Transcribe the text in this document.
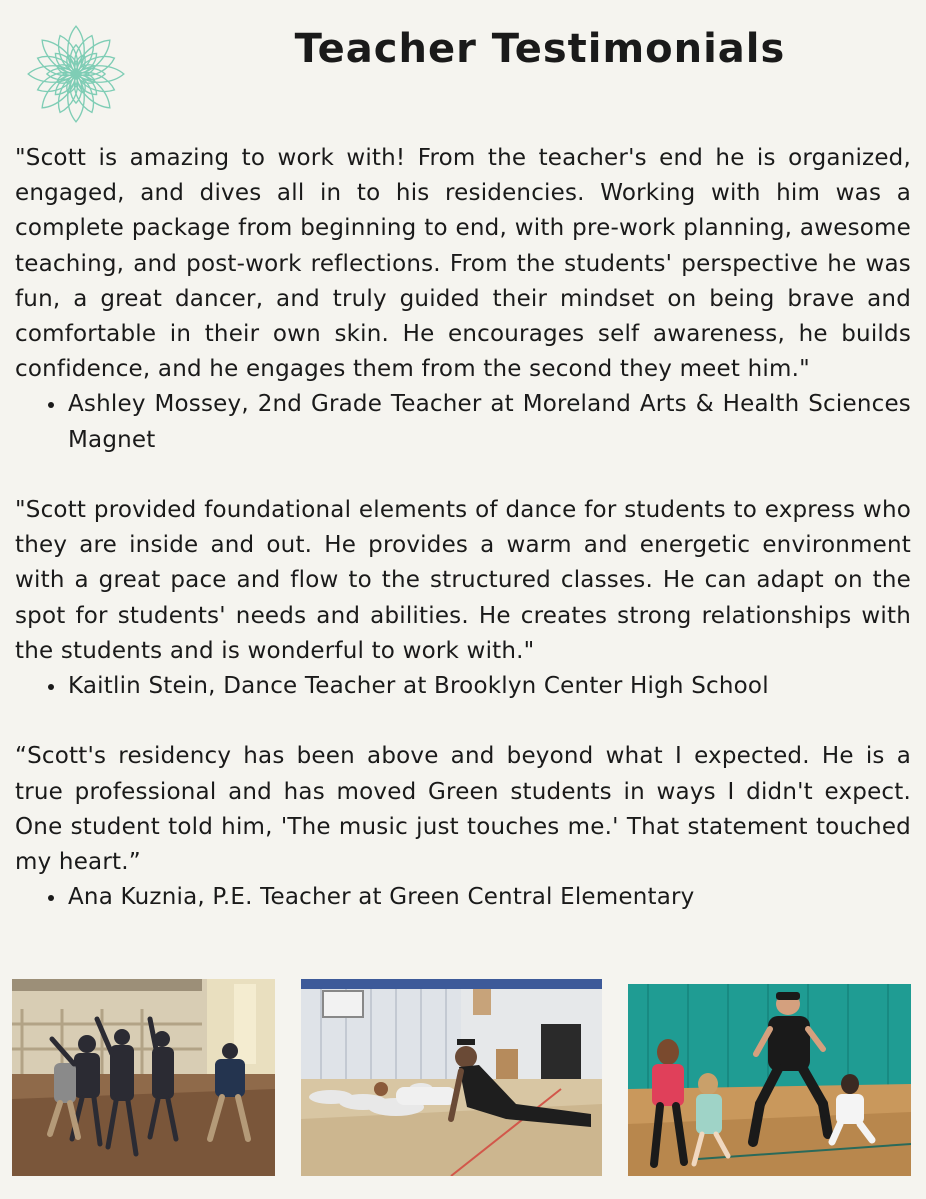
Teacher Testimonials

"Scott is amazing to work with! From the teacher's end he is organized, engaged, and dives all in to his residencies. Working with him was a complete package from beginning to end, with pre-work planning, awesome teaching, and post-work reflections. From the students' perspective he was fun, a great dancer, and truly guided their mindset on being brave and comfortable in their own skin. He encourages self awareness, he builds confidence, and he engages them from the second they meet him."

Ashley Mossey, 2nd Grade Teacher at Moreland Arts & Health Sciences Magnet

"Scott provided foundational elements of dance for students to express who they are inside and out. He provides a warm and energetic environment with a great pace and flow to the structured classes. He can adapt on the spot for students' needs and abilities. He creates strong relationships with the students and is wonderful to work with."

Kaitlin Stein, Dance Teacher at Brooklyn Center High School

“Scott's residency has been above and beyond what I expected. He is a true professional and has moved Green students in ways I didn't expect. One student told him, 'The music just touches me.' That statement touched my heart.”

Ana Kuznia, P.E. Teacher at Green Central Elementary
